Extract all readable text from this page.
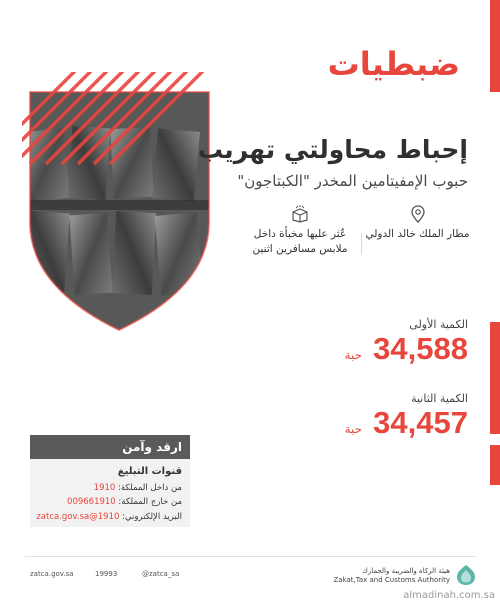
ضبطيات
إحباط محاولتي تهريب
حبوب الإمفيتامين المخدر "الكبتاجون"
مطار الملك خالد الدولي
عُثر عليها مخبأة داخل
ملابس مسافرين اثنين
الكمية الأولى
34,588 حبة
الكمية الثانية
34,457 حبة
ارقد وآمن
قنوات التبليغ
من داخل المملكة: 1910
من خارج المملكة: 009661910
البريد الإلكتروني: 1910@zatca.gov.sa
zatca.gov.sa	19993	@zatca_sa	هيئة الزكاة والضريبة والجمارك
Zakat,Tax and Customs Authority
almadinah.com.sa
